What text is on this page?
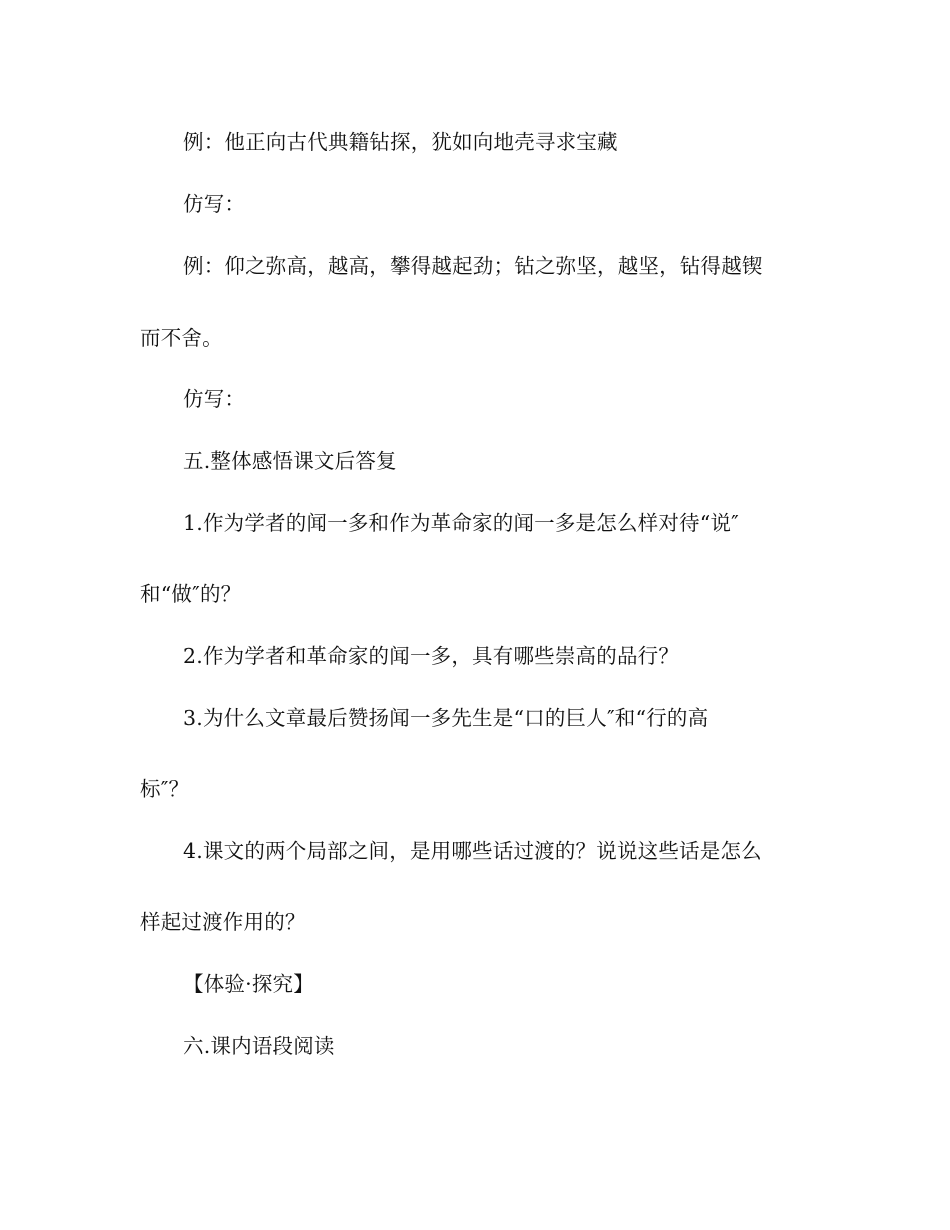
例：他正向古代典籍钻探，犹如向地壳寻求宝藏
仿写：
例：仰之弥高，越高，攀得越起劲；钻之弥坚，越坚，钻得越锲
而不舍。
仿写：
五.整体感悟课文后答复
1.作为学者的闻一多和作为革命家的闻一多是怎么样对待“说″
和“做″的？
2.作为学者和革命家的闻一多，具有哪些崇高的品行？
3.为什么文章最后赞扬闻一多先生是“口的巨人″和“行的高
标″？
4.课文的两个局部之间，是用哪些话过渡的？说说这些话是怎么
样起过渡作用的？
【体验·探究】
六.课内语段阅读
